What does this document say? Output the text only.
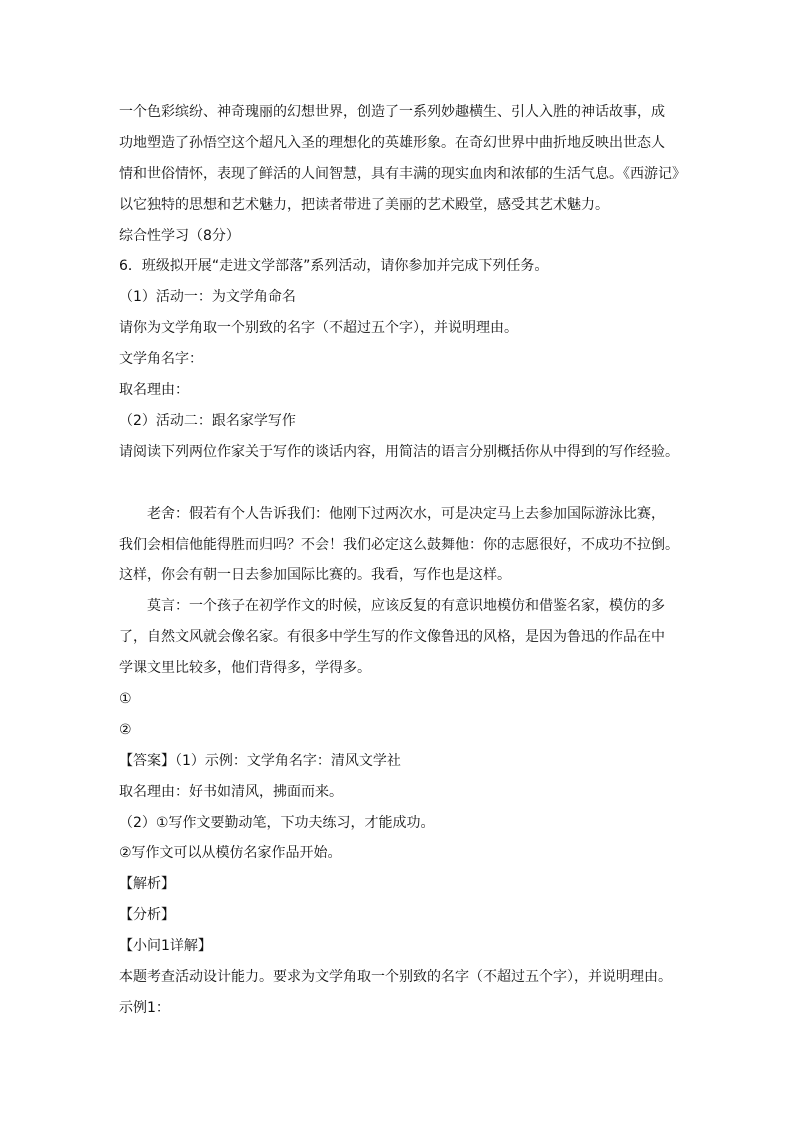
一个色彩缤纷、神奇瑰丽的幻想世界，创造了一系列妙趣横生、引人入胜的神话故事，成
功地塑造了孙悟空这个超凡入圣的理想化的英雄形象。在奇幻世界中曲折地反映出世态人
情和世俗情怀，表现了鲜活的人间智慧，具有丰满的现实血肉和浓郁的生活气息。《西游记》
以它独特的思想和艺术魅力，把读者带进了美丽的艺术殿堂，感受其艺术魅力。
综合性学习（8分）
6．班级拟开展“走进文学部落”系列活动，请你参加并完成下列任务。
（1）活动一：为文学角命名
请你为文学角取一个别致的名字（不超过五个字），并说明理由。
文学角名字：
取名理由：
（2）活动二：跟名家学写作
请阅读下列两位作家关于写作的谈话内容，用简洁的语言分别概括你从中得到的写作经验。
老舍：假若有个人告诉我们：他刚下过两次水，可是决定马上去参加国际游泳比赛，
我们会相信他能得胜而归吗？不会！我们必定这么鼓舞他：你的志愿很好，不成功不拉倒。
这样，你会有朝一日去参加国际比赛的。我看，写作也是这样。
莫言：一个孩子在初学作文的时候，应该反复的有意识地模仿和借鉴名家，模仿的多
了，自然文风就会像名家。有很多中学生写的作文像鲁迅的风格，是因为鲁迅的作品在中
学课文里比较多，他们背得多，学得多。
①
②
【答案】（1）示例：文学角名字：清风文学社
取名理由：好书如清风，拂面而来。
（2）①写作文要勤动笔，下功夫练习，才能成功。
②写作文可以从模仿名家作品开始。
【解析】
【分析】
【小问1详解】
本题考查活动设计能力。要求为文学角取一个别致的名字（不超过五个字），并说明理由。
示例1：
